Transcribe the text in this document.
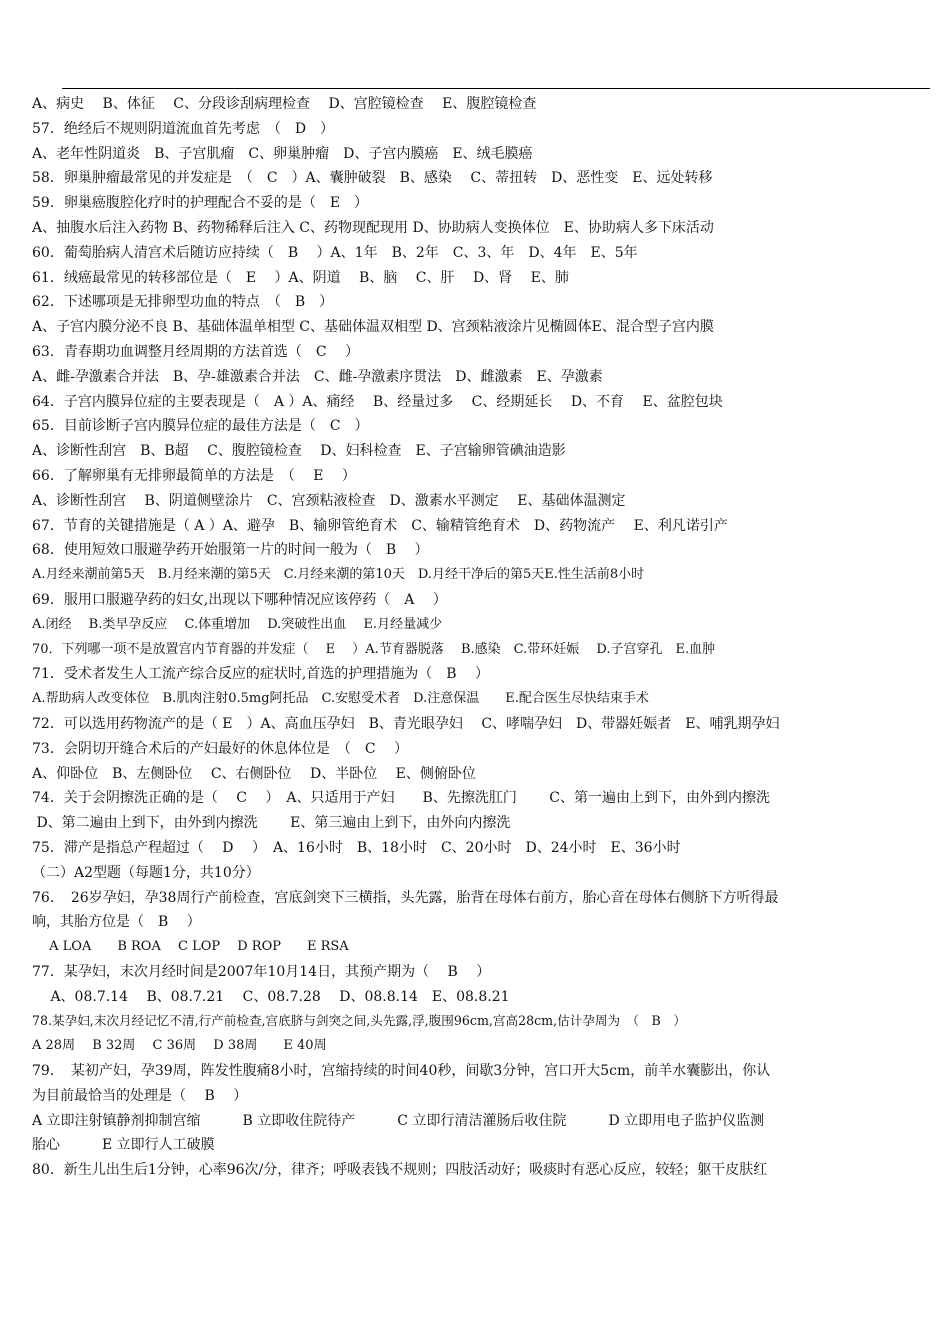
A、病史　 B、体征　 C、分段诊刮病理检查　 D、宫腔镜检查　 E、腹腔镜检查
57．绝经后不规则阴道流血首先考虑　（　D　）
A、老年性阴道炎　B、子宫肌瘤　C、卵巢肿瘤　D、子宫内膜癌　E、绒毛膜癌
58．卵巢肿瘤最常见的并发症是　（　C　）A、囊肿破裂　B、感染　 C、蒂扭转　D、恶性变　E、远处转移
59．卵巢癌腹腔化疗时的护理配合不妥的是（　E　）
A、抽腹水后注入药物 B、药物稀释后注入 C、药物现配现用 D、协助病人变换体位　E、协助病人多下床活动
60．葡萄胎病人清宫术后随访应持续（　B　 ）A、1年　B、2年　C、3、年　D、4年　E、5年
61．绒癌最常见的转移部位是（　E　 ）A、阴道　 B、脑　 C、肝　 D、肾　 E、肺
62．下述哪项是无排卵型功血的特点　（　B　）
A、子宫内膜分泌不良 B、基础体温单相型 C、基础体温双相型 D、宫颈粘液涂片见椭圆体E、混合型子宫内膜
63．青春期功血调整月经周期的方法首选（　C　 ）
A、雌-孕激素合并法　B、孕-雄激素合并法　C、雌-孕激素序贯法　D、雌激素　E、孕激素
64．子宫内膜异位症的主要表现是（　A ）A、痛经　 B、经量过多　 C、经期延长　 D、不育　 E、盆腔包块
65．目前诊断子宫内膜异位症的最佳方法是（　C　）
A、诊断性刮宫　B、B超　 C、腹腔镜检查　 D、妇科检查　E、子宫输卵管碘油造影
66．了解卵巢有无排卵最简单的方法是　（　 E　 ）
A、诊断性刮宫　 B、阴道侧壁涂片　C、宫颈粘液检查　D、激素水平测定　 E、基础体温测定
67．节育的关键措施是（ A ）A、避孕　B、输卵管绝育术　C、输精管绝育术　D、药物流产　 E、利凡诺引产
68．使用短效口服避孕药开始服第一片的时间一般为（　B　 ）
A.月经来潮前第5天　B.月经来潮的第5天　C.月经来潮的第10天　D.月经干净后的第5天E.性生活前8小时
69．服用口服避孕药的妇女,出现以下哪种情况应该停药（　A　 ）
A.闭经　 B.类早孕反应　 C.体重增加　 D.突破性出血　 E.月经量减少
70．下列哪一项不是放置宫内节育器的并发症（　 E　 ）A.节育器脱落　 B.感染　C.带环妊娠　 D.子宫穿孔　E.血肿
71．受术者发生人工流产综合反应的症状时,首选的护理措施为（　B　 ）
A.帮助病人改变体位　B.肌肉注射0.5mg阿托品　C.安慰受术者　D.注意保温　　E.配合医生尽快结束手术
72．可以选用药物流产的是（ E　）A、高血压孕妇　B、青光眼孕妇　 C、哮喘孕妇　D、带器妊娠者　E、哺乳期孕妇
73．会阴切开缝合术后的产妇最好的休息体位是　（　C　 ）
A、仰卧位　B、左侧卧位　 C、右侧卧位　 D、半卧位　 E、侧俯卧位
74．关于会阴擦洗正确的是（　 C　 ）　A、只适用于产妇　　B、先擦洗肛门　　 C、第一遍由上到下，由外到内擦洗
D、第二遍由上到下，由外到内擦洗　　 E、第三遍由上到下，由外向内擦洗
75．滞产是指总产程超过（　 D　 ）　A、16小时　B、18小时　C、20小时　D、24小时　E、36小时
（二）A2型题（每题1分，共10分）
76．　26岁孕妇，孕38周行产前检查，宫底剑突下三横指，头先露，胎背在母体右前方，胎心音在母体右侧脐下方听得最
响，其胎方位是（　B　 ）
　 A LOA　　B ROA　 C LOP　 D ROP　　E RSA
77．某孕妇，末次月经时间是2007年10月14日，其预产期为（　 B　 ）
　 A、08.7.14　 B、08.7.21　 C、08.7.28　 D、08.8.14　E、08.8.21
78.某孕妇,末次月经记忆不清,行产前检查,宫底脐与剑突之间,头先露,浮,腹围96cm,宫高28cm,估计孕周为　（　B　）
A 28周　 B 32周　 C 36周　 D 38周　　E 40周
79．　某初产妇，孕39周，阵发性腹痛8小时，宫缩持续的时间40秒，间歇3分钟，宫口开大5cm，前羊水囊膨出，你认
为目前最恰当的处理是（　 B　 ）
A 立即注射镇静剂抑制宫缩　　　B 立即收住院待产　　　C 立即行清洁灌肠后收住院　　　D 立即用电子监护仪监测
胎心　　　E 立即行人工破膜
80．新生儿出生后1分钟，心率96次/分，律齐；呼吸表钱不规则；四肢活动好；吸痰时有恶心反应，较轻；躯干皮肤红
